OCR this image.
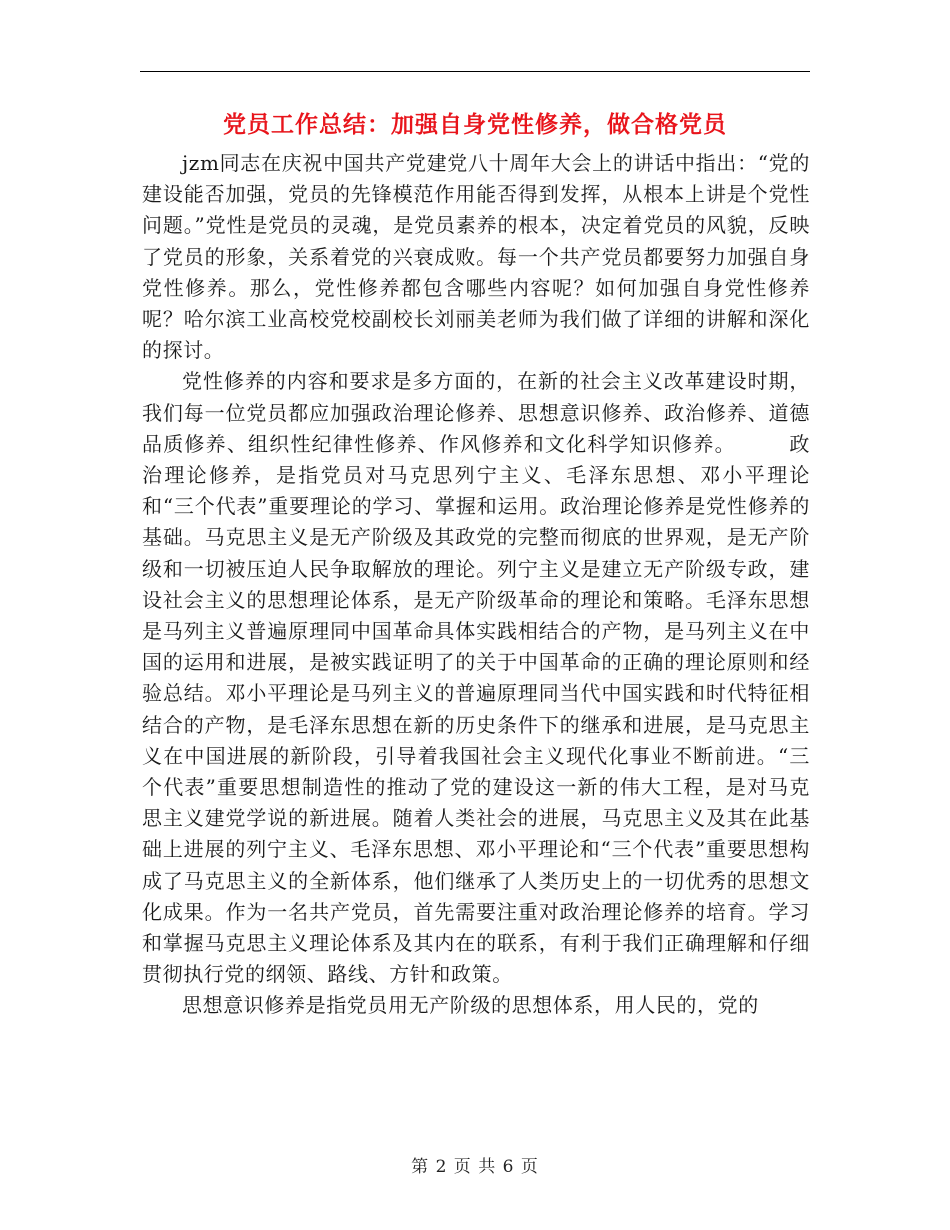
党员工作总结：加强自身党性修养，做合格党员

jzm同志在庆祝中国共产党建党八十周年大会上的讲话中指出：“党的建设能否加强，党员的先锋模范作用能否得到发挥，从根本上讲是个党性问题。”党性是党员的灵魂，是党员素养的根本，决定着党员的风貌，反映了党员的形象，关系着党的兴衰成败。每一个共产党员都要努力加强自身党性修养。那么，党性修养都包含哪些内容呢？如何加强自身党性修养呢？哈尔滨工业高校党校副校长刘丽美老师为我们做了详细的讲解和深化的探讨。

党性修养的内容和要求是多方面的，在新的社会主义改革建设时期，我们每一位党员都应加强政治理论修养、思想意识修养、政治修养、道德品质修养、组织性纪律性修养、作风修养和文化科学知识修养。　　　政治理论修养，是指党员对马克思列宁主义、毛泽东思想、邓小平理论和“三个代表”重要理论的学习、掌握和运用。政治理论修养是党性修养的基础。马克思主义是无产阶级及其政党的完整而彻底的世界观，是无产阶级和一切被压迫人民争取解放的理论。列宁主义是建立无产阶级专政，建设社会主义的思想理论体系，是无产阶级革命的理论和策略。毛泽东思想是马列主义普遍原理同中国革命具体实践相结合的产物，是马列主义在中国的运用和进展，是被实践证明了的关于中国革命的正确的理论原则和经验总结。邓小平理论是马列主义的普遍原理同当代中国实践和时代特征相结合的产物，是毛泽东思想在新的历史条件下的继承和进展，是马克思主义在中国进展的新阶段，引导着我国社会主义现代化事业不断前进。“三个代表”重要思想制造性的推动了党的建设这一新的伟大工程，是对马克思主义建党学说的新进展。随着人类社会的进展，马克思主义及其在此基础上进展的列宁主义、毛泽东思想、邓小平理论和“三个代表”重要思想构成了马克思主义的全新体系，他们继承了人类历史上的一切优秀的思想文化成果。作为一名共产党员，首先需要注重对政治理论修养的培育。学习和掌握马克思主义理论体系及其内在的联系，有利于我们正确理解和仔细贯彻执行党的纲领、路线、方针和政策。

思想意识修养是指党员用无产阶级的思想体系，用人民的，党的

第 2 页 共 6 页
